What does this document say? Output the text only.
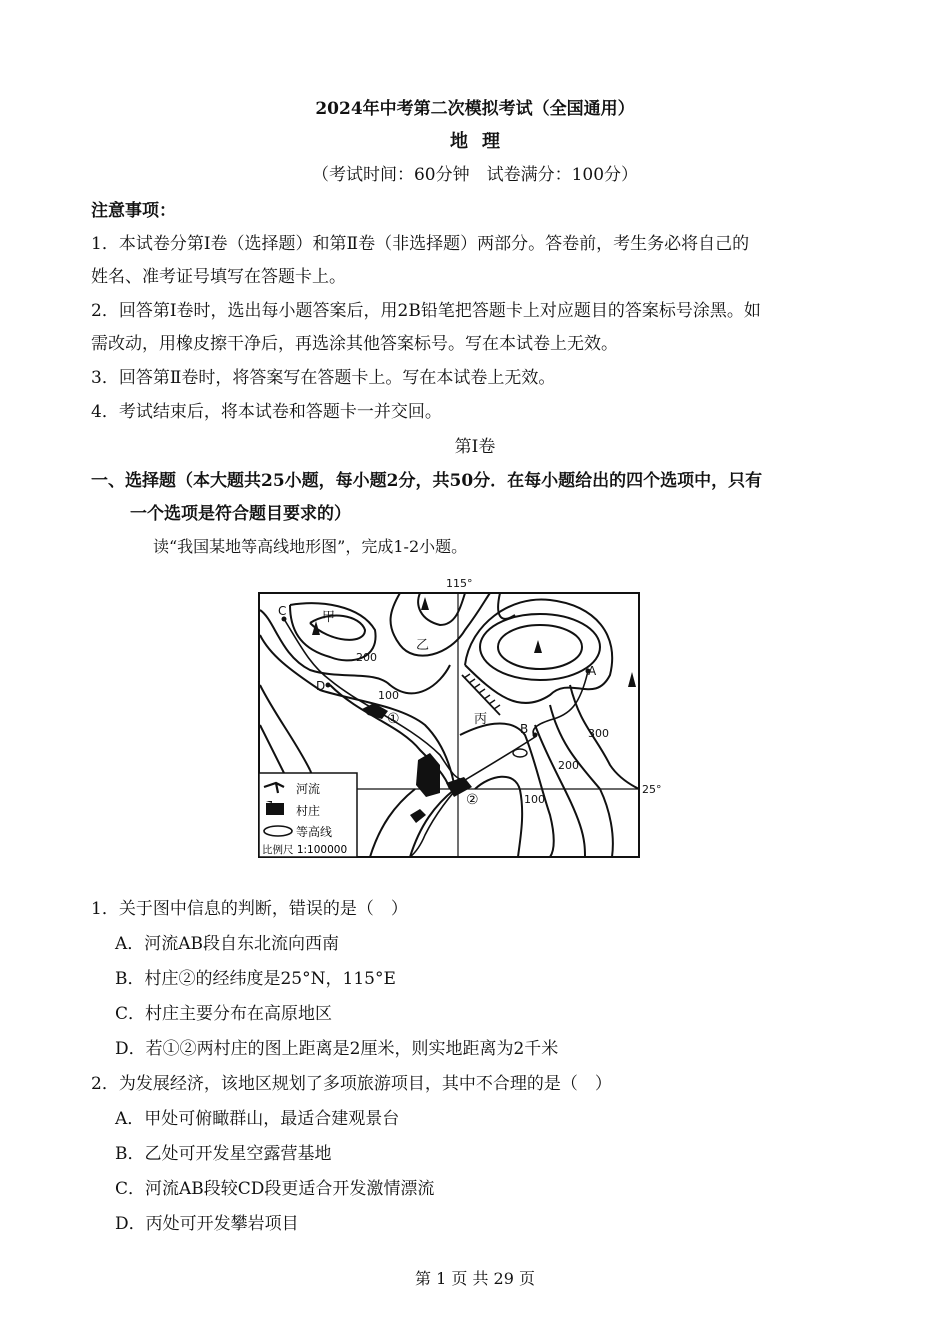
2024年中考第二次模拟考试（全国通用）
地理
（考试时间：60分钟　试卷满分：100分）
注意事项：
1．本试卷分第Ⅰ卷（选择题）和第Ⅱ卷（非选择题）两部分。答卷前，考生务必将自己的
姓名、准考证号填写在答题卡上。
2．回答第Ⅰ卷时，选出每小题答案后，用2B铅笔把答题卡上对应题目的答案标号涂黑。如
需改动，用橡皮擦干净后，再选涂其他答案标号。写在本试卷上无效。
3．回答第Ⅱ卷时，将答案写在答题卡上。写在本试卷上无效。
4．考试结束后，将本试卷和答题卡一并交回。
第Ⅰ卷
一、选择题（本大题共25小题，每小题2分，共50分．在每小题给出的四个选项中，只有
一个选项是符合题目要求的）
读“我国某地等高线地形图”，完成1-2小题。
115°
25°
A
B
C
D
甲
乙
丙
①
②
100
100
200
200
300
河流
村庄
等高线
比例尺 1:100000
1．关于图中信息的判断，错误的是（　）
A．河流AB段自东北流向西南
B．村庄②的经纬度是25°N，115°E
C．村庄主要分布在高原地区
D．若①②两村庄的图上距离是2厘米，则实地距离为2千米
2．为发展经济，该地区规划了多项旅游项目，其中不合理的是（　）
A．甲处可俯瞰群山，最适合建观景台
B．乙处可开发星空露营基地
C．河流AB段较CD段更适合开发激情漂流
D．丙处可开发攀岩项目
第 1 页 共 29 页
